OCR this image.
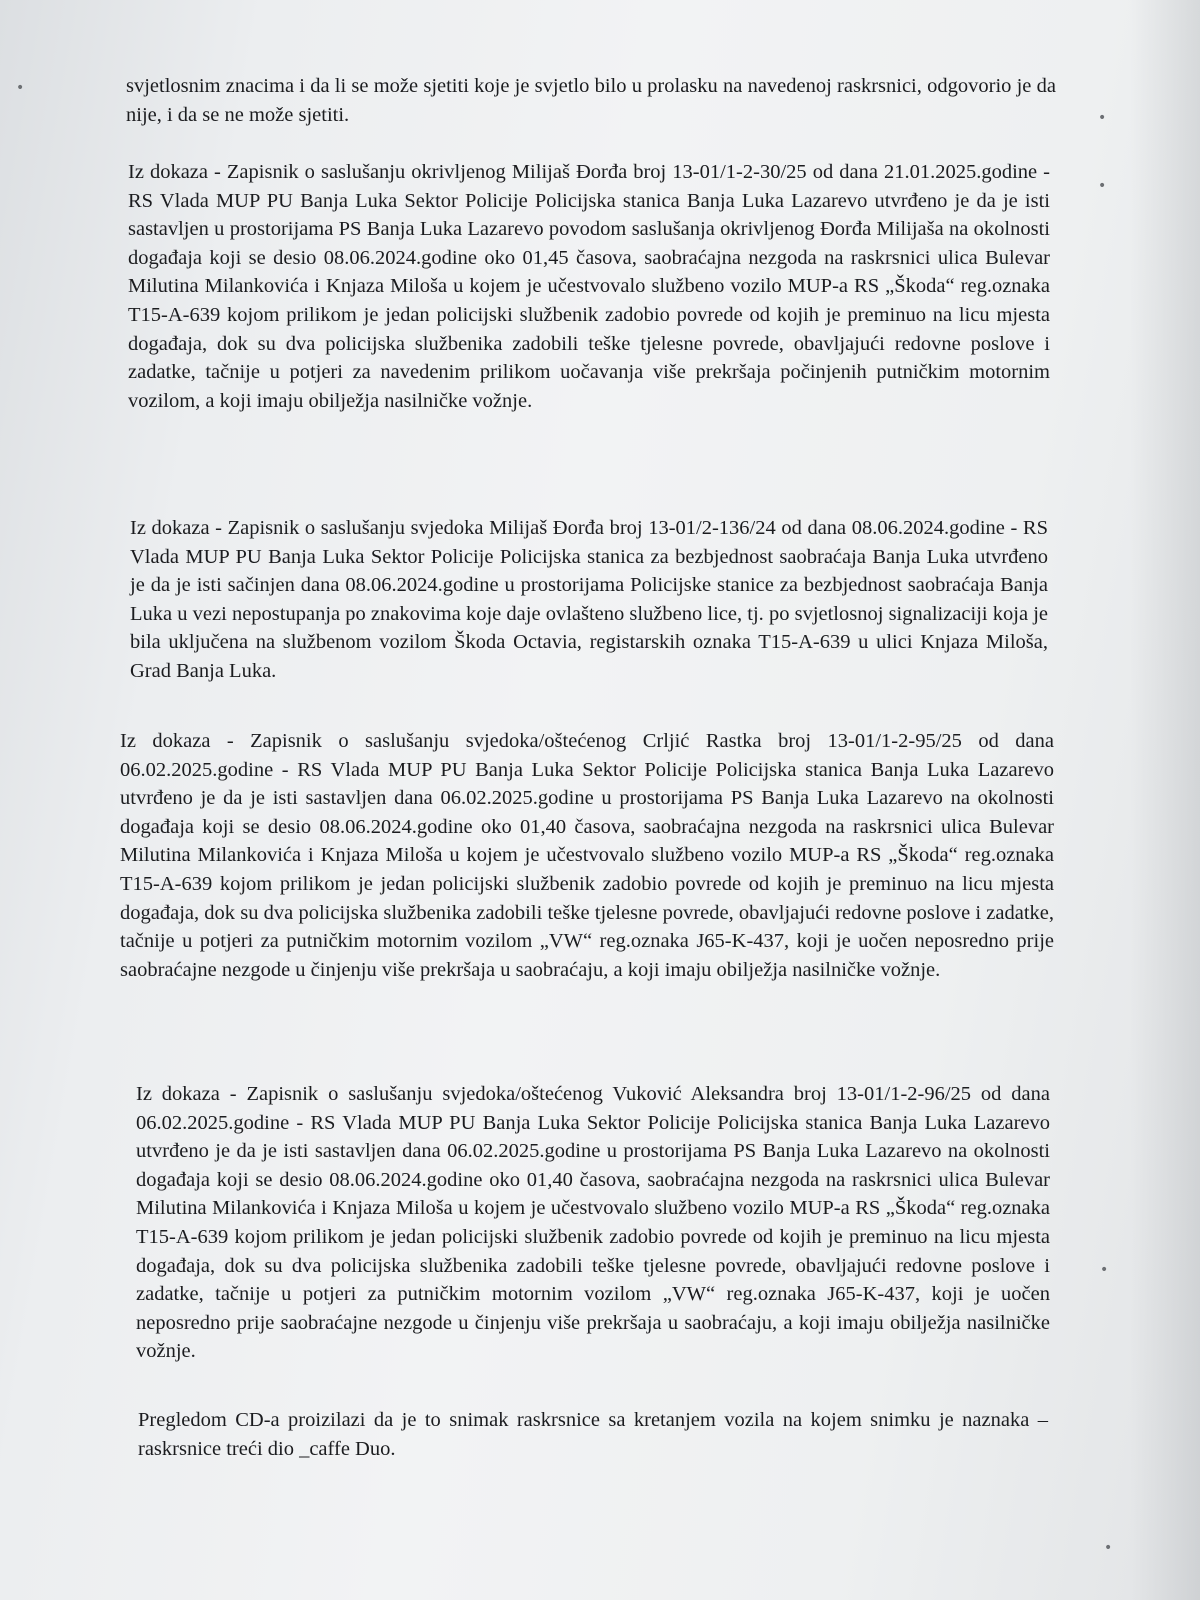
•
•
•
•
•

svjetlosnim znacima i da li se može sjetiti koje je svjetlo bilo u prolasku na navedenoj raskrsnici, odgovorio je da nije, i da se ne može sjetiti.

Iz dokaza - Zapisnik o saslušanju okrivljenog Milijaš Đorđa broj 13-01/1-2-30/25 od dana 21.01.2025.godine - RS Vlada MUP PU Banja Luka Sektor Policije Policijska stanica Banja Luka Lazarevo utvrđeno je da je isti sastavljen u prostorijama PS Banja Luka Lazarevo povodom saslušanja okrivljenog Đorđa Milijaša na okolnosti događaja koji se desio 08.06.2024.godine oko 01,45 časova, saobraćajna nezgoda na raskrsnici ulica Bulevar Milutina Milankovića i Knjaza Miloša u kojem je učestvovalo službeno vozilo MUP-a RS „Škoda“ reg.oznaka T15-A-639 kojom prilikom je jedan policijski službenik zadobio povrede od kojih je preminuo na licu mjesta događaja, dok su dva policijska službenika zadobili teške tjelesne povrede, obavljajući redovne poslove i zadatke, tačnije u potjeri za navedenim prilikom uočavanja više prekršaja počinjenih putničkim motornim vozilom, a koji imaju obilježja nasilničke vožnje.

Iz dokaza - Zapisnik o saslušanju svjedoka Milijaš Đorđa broj 13-01/2-136/24 od dana 08.06.2024.godine - RS Vlada MUP PU Banja Luka Sektor Policije Policijska stanica za bezbjednost saobraćaja Banja Luka utvrđeno je da je isti sačinjen dana 08.06.2024.godine u prostorijama Policijske stanice za bezbjednost saobraćaja Banja Luka u vezi nepostupanja po znakovima koje daje ovlašteno službeno lice, tj. po svjetlosnoj signalizaciji koja je bila uključena na službenom vozilom Škoda Octavia, registarskih oznaka T15-A-639 u ulici Knjaza Miloša, Grad Banja Luka.

Iz dokaza - Zapisnik o saslušanju svjedoka/oštećenog Crljić Rastka broj 13-01/1-2-95/25 od dana 06.02.2025.godine - RS Vlada MUP PU Banja Luka Sektor Policije Policijska stanica Banja Luka Lazarevo utvrđeno je da je isti sastavljen dana 06.02.2025.godine u prostorijama PS Banja Luka Lazarevo na okolnosti događaja koji se desio 08.06.2024.godine oko 01,40 časova, saobraćajna nezgoda na raskrsnici ulica Bulevar Milutina Milankovića i Knjaza Miloša u kojem je učestvovalo službeno vozilo MUP-a RS „Škoda“ reg.oznaka T15-A-639 kojom prilikom je jedan policijski službenik zadobio povrede od kojih je preminuo na licu mjesta događaja, dok su dva policijska službenika zadobili teške tjelesne povrede, obavljajući redovne poslove i zadatke, tačnije u potjeri za putničkim motornim vozilom „VW“ reg.oznaka J65-K-437, koji je uočen neposredno prije saobraćajne nezgode u činjenju više prekršaja u saobraćaju, a koji imaju obilježja nasilničke vožnje.

Iz dokaza - Zapisnik o saslušanju svjedoka/oštećenog Vuković Aleksandra broj 13-01/1-2-96/25 od dana 06.02.2025.godine - RS Vlada MUP PU Banja Luka Sektor Policije Policijska stanica Banja Luka Lazarevo utvrđeno je da je isti sastavljen dana 06.02.2025.godine u prostorijama PS Banja Luka Lazarevo na okolnosti događaja koji se desio 08.06.2024.godine oko 01,40 časova, saobraćajna nezgoda na raskrsnici ulica Bulevar Milutina Milankovića i Knjaza Miloša u kojem je učestvovalo službeno vozilo MUP-a RS „Škoda“ reg.oznaka T15-A-639 kojom prilikom je jedan policijski službenik zadobio povrede od kojih je preminuo na licu mjesta događaja, dok su dva policijska službenika zadobili teške tjelesne povrede, obavljajući redovne poslove i zadatke, tačnije u potjeri za putničkim motornim vozilom „VW“ reg.oznaka J65-K-437, koji je uočen neposredno prije saobraćajne nezgode u činjenju više prekršaja u saobraćaju, a koji imaju obilježja nasilničke vožnje.

Pregledom CD-a proizilazi da je to snimak raskrsnice sa kretanjem vozila na kojem snimku je naznaka – raskrsnice treći dio _caffe Duo.
